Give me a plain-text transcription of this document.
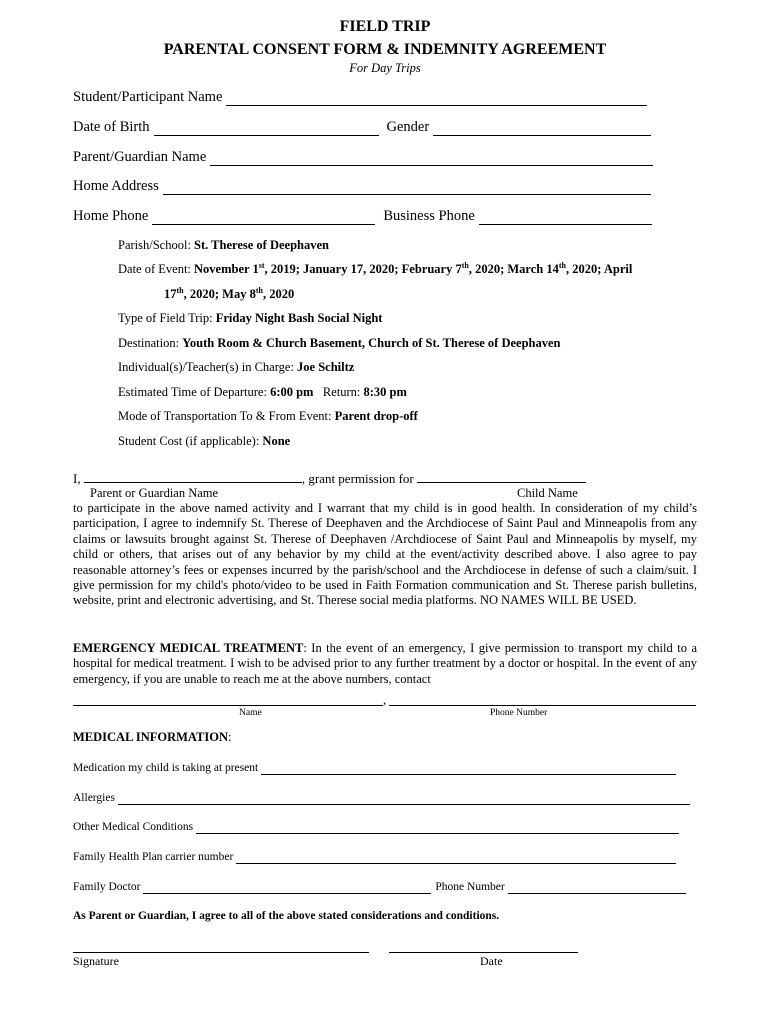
FIELD TRIP
PARENTAL CONSENT FORM & INDEMNITY AGREEMENT
For Day Trips
Student/Participant Name
Date of Birth	Gender
Parent/Guardian Name
Home Address
Home Phone	Business Phone
Parish/School: St. Therese of Deephaven
Date of Event: November 1st, 2019; January 17, 2020; February 7th, 2020; March 14th, 2020; April
17th, 2020; May 8th, 2020
Type of Field Trip: Friday Night Bash Social Night
Destination: Youth Room & Church Basement, Church of St. Therese of Deephaven
Individual(s)/Teacher(s) in Charge: Joe Schiltz
Estimated Time of Departure: 6:00 pm Return: 8:30 pm
Mode of Transportation To & From Event: Parent drop-off
Student Cost (if applicable): None
I,	, grant permission for
Parent or Guardian Name	Child Name
to participate in the above named activity and I warrant that my child is in good health. In consideration of my child’s participation, I agree to indemnify St. Therese of Deephaven and the Archdiocese of Saint Paul and Minneapolis from any claims or lawsuits brought against St. Therese of Deephaven /Archdiocese of Saint Paul and Minneapolis by myself, my child or others, that arises out of any behavior by my child at the event/activity described above. I also agree to pay reasonable attorney’s fees or expenses incurred by the parish/school and the Archdiocese in defense of such a claim/suit. I give permission for my child's photo/video to be used in Faith Formation communication and St. Therese parish bulletins, website, print and electronic advertising, and St. Therese social media platforms. NO NAMES WILL BE USED.
EMERGENCY MEDICAL TREATMENT: In the event of an emergency, I give permission to transport my child to a hospital for medical treatment. I wish to be advised prior to any further treatment by a doctor or hospital. In the event of any emergency, if you are unable to reach me at the above numbers, contact
,
Name	Phone Number
MEDICAL INFORMATION:
Medication my child is taking at present
Allergies
Other Medical Conditions
Family Health Plan carrier number
Family Doctor	Phone Number
As Parent or Guardian, I agree to all of the above stated considerations and conditions.
Signature	Date
